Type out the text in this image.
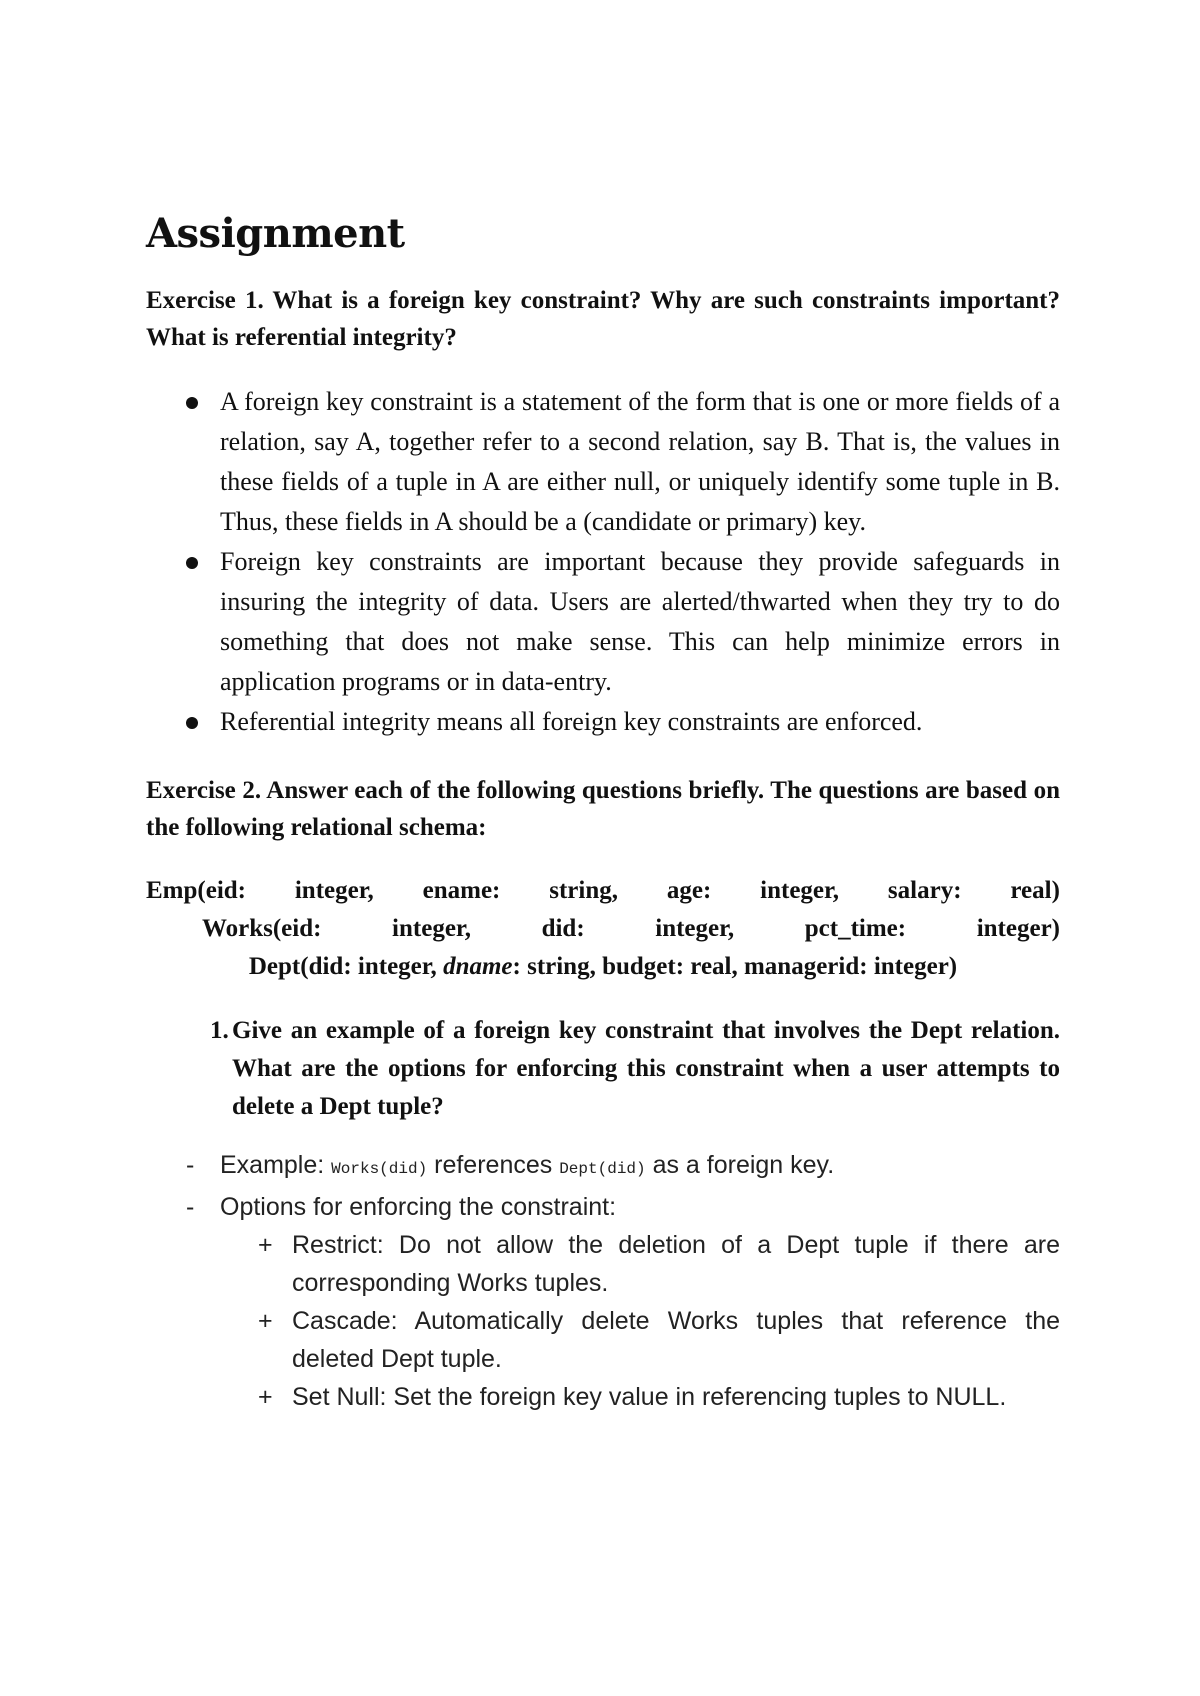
Assignment

Exercise 1. What is a foreign key constraint? Why are such constraints important? What is referential integrity?

A foreign key constraint is a statement of the form that is one or more fields of a relation, say A, together refer to a second relation, say B. That is, the values in these fields of a tuple in A are either null, or uniquely identify some tuple in B. Thus, these fields in A should be a (candidate or primary) key.
Foreign key constraints are important because they provide safeguards in insuring the integrity of data. Users are alerted/thwarted when they try to do something that does not make sense. This can help minimize errors in application programs or in data-entry.
Referential integrity means all foreign key constraints are enforced.

Exercise 2. Answer each of the following questions briefly. The questions are based on the following relational schema:

Emp(eid: integer, ename: string, age: integer, salary: real)
Works(eid:	integer,	did:	integer,	pct_time:	integer)
Dept(did: integer, dname: string, budget: real, managerid: integer)
1. Give an example of a foreign key constraint that involves the Dept relation. What are the options for enforcing this constraint when a user attempts to delete a Dept tuple?
- Example: Works(did) references Dept(did) as a foreign key.
- Options for enforcing the constraint:
+ Restrict: Do not allow the deletion of a Dept tuple if there are corresponding Works tuples.
+ Cascade: Automatically delete Works tuples that reference the deleted Dept tuple.
+ Set Null: Set the foreign key value in referencing tuples to NULL.
